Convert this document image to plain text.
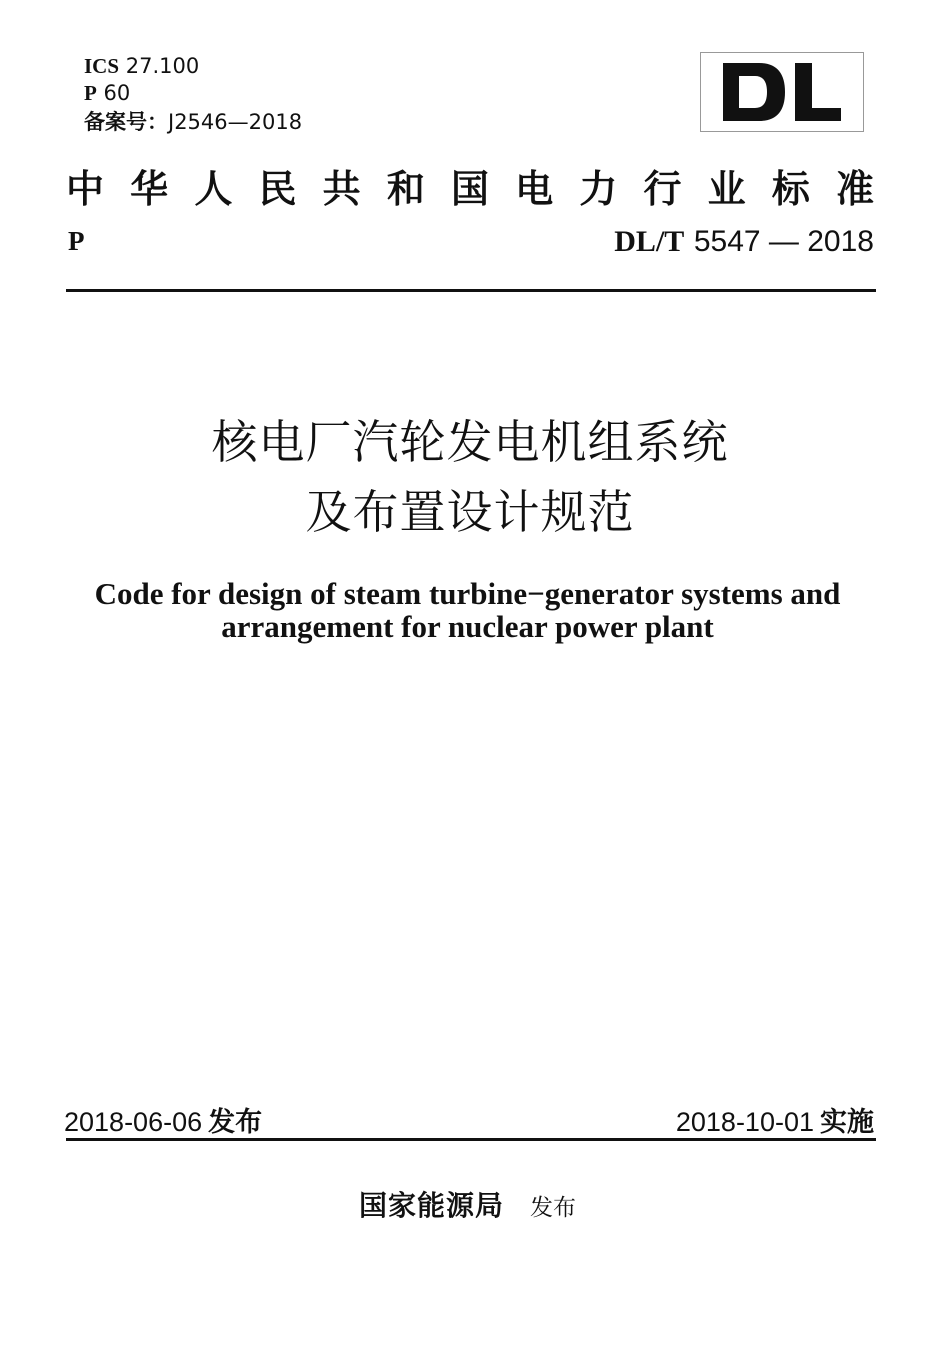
ICS 27.100
P 60
备案号：J2546—2018
中华人民共和国电力行业标准
P	DL/T 5547 — 2018
核电厂汽轮发电机组系统
及布置设计规范
Code for design of steam turbine−generator systems and
arrangement for nuclear power plant
2018-06-06 发布	2018-10-01 实施
国家能源局 发布
